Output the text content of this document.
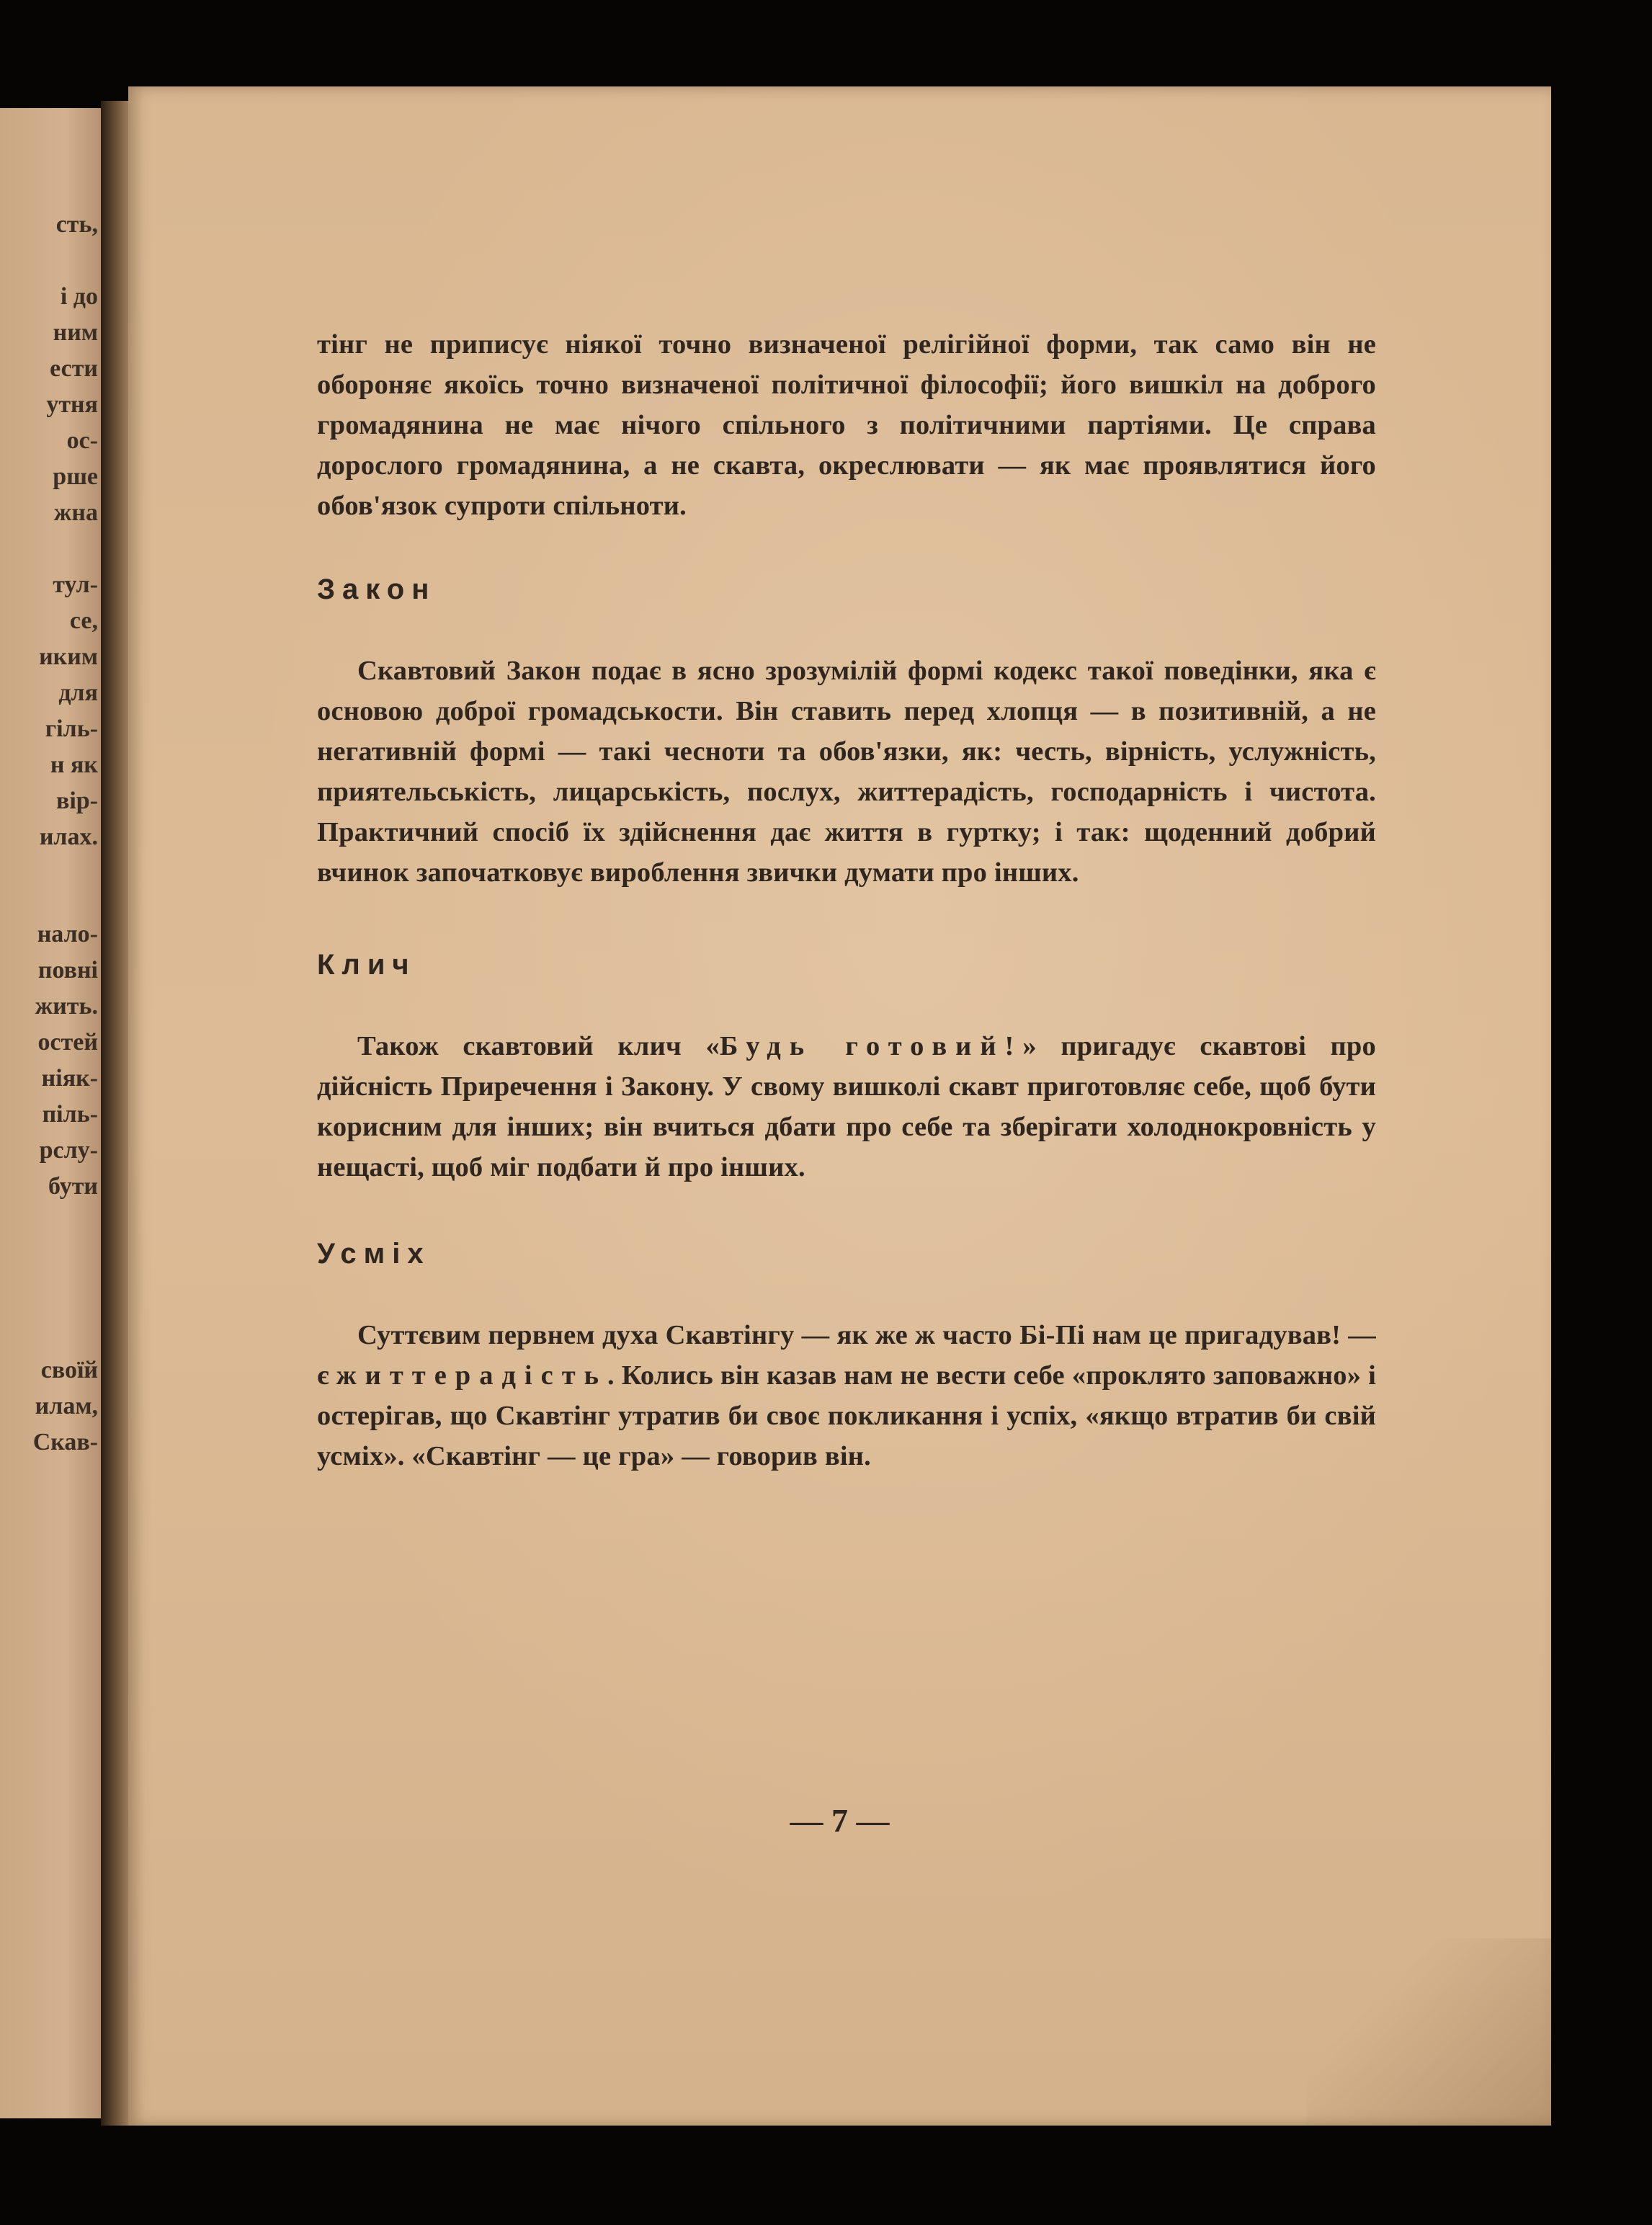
сть,
і до
ним
ести
утня
ос-
рше
жна
тул-
се,
иким
для
гіль-
н як
вір-
илах.
нало-
повні
жить.
остей
ніяк-
піль-
рслу-
бути
своїй
илам,
Скав-

тінг не приписує ніякої точно визначеної релігійної форми, так само він не обороняє якоїсь точно визначеної політичної філософії; його вишкіл на доброго громадянина не має нічого спільного з політичними партіями. Це справа дорослого громадянина, а не скавта, окреслювати — як має проявлятися його обов'язок супроти спільноти.

Закон

Скавтовий Закон подає в ясно зрозумілій формі кодекс такої поведінки, яка є основою доброї громадськости. Він ставить перед хлопця — в позитивній, а не негативній формі — такі чесноти та обов'язки, як: честь, вірність, услужність, приятельськість, лицарськість, послух, життерадість, господарність і чистота. Практичний спосіб їх здійснення дає життя в гуртку; і так: щоденний добрий вчинок започатковує вироблення звички думати про інших.

Клич

Також скавтовий клич «Будь готовий!» пригадує скавтові про дійсність Приречення і Закону. У свому вишколі скавт приготовляє себе, щоб бути корисним для інших; він вчиться дбати про себе та зберігати холоднокровність у нещасті, щоб міг подбати й про інших.

Усміх

Суттєвим первнем духа Скавтінгу — як же ж часто Бі-Пі нам це пригадував! — є життерадість. Колись він казав нам не вести себе «проклято заповажно» і остерігав, що Скавтінг утратив би своє покликання і успіх, «якщо втратив би свій усміх». «Скавтінг — це гра» — говорив він.

— 7 —
